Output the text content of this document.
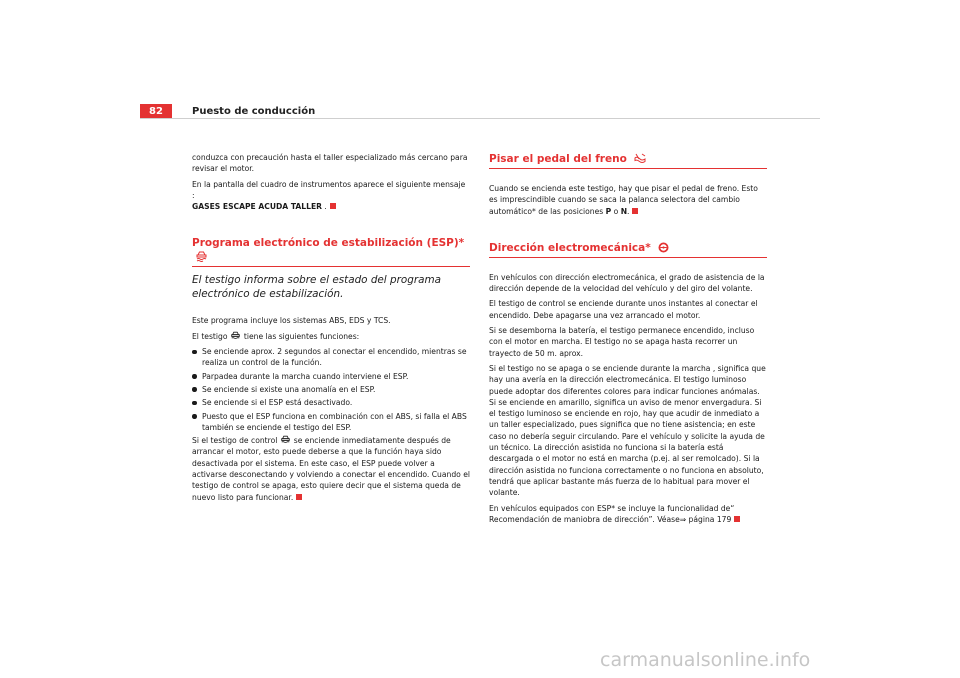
82	Puesto de conducción

conduzca con precaución hasta el taller especializado más cercano para revisar el motor.

En la pantalla del cuadro de instrumentos aparece el siguiente mensaje :
GASES ESCAPE ACUDA TALLER .

Programa electrónico de estabilización (ESP)*
El testigo informa sobre el estado del programa electrónico de estabilización.

Este programa incluye los sistemas ABS, EDS y TCS.

El testigo tiene las siguientes funciones:

Se enciende aprox. 2 segundos al conectar el encendido, mientras se realiza un control de la función.
Parpadea durante la marcha cuando interviene el ESP.
Se enciende si existe una anomalía en el ESP.
Se enciende si el ESP está desactivado.
Puesto que el ESP funciona en combinación con el ABS, si falla el ABS también se enciende el testigo del ESP.

Si el testigo de control se enciende inmediatamente después de arrancar el motor, esto puede deberse a que la función haya sido desactivada por el sistema. En este caso, el ESP puede volver a activarse desconectando y volviendo a conectar el encendido. Cuando el testigo de control se apaga, esto quiere decir que el sistema queda de nuevo listo para funcionar.

Pisar el pedal del freno

Cuando se encienda este testigo, hay que pisar el pedal de freno. Esto es imprescindible cuando se saca la palanca selectora del cambio automático* de las posiciones P o N.

Dirección electromecánica*

En vehículos con dirección electromecánica, el grado de asistencia de la dirección depende de la velocidad del vehículo y del giro del volante.

El testigo de control se enciende durante unos instantes al conectar el encendido. Debe apagarse una vez arrancado el motor.

Si se desemborna la batería, el testigo permanece encendido, incluso con el motor en marcha. El testigo no se apaga hasta recorrer un trayecto de 50 m. aprox.

Si el testigo no se apaga o se enciende durante la marcha , significa que hay una avería en la dirección electromecánica. El testigo luminoso puede adoptar dos diferentes colores para indicar funciones anómalas. Si se enciende en amarillo, significa un aviso de menor envergadura. Si el testigo luminoso se enciende en rojo, hay que acudir de inmediato a un taller especializado, pues significa que no tiene asistencia; en este caso no debería seguir circulando. Pare el vehículo y solicite la ayuda de un técnico. La dirección asistida no funciona si la batería está descargada o el motor no está en marcha (p.ej. al ser remolcado). Si la dirección asistida no funciona correctamente o no funciona en absoluto, tendrá que aplicar bastante más fuerza de lo habitual para mover el volante.

En vehículos equipados con ESP* se incluye la funcionalidad de“ Recomendación de maniobra de dirección”. Véase⇒ página 179

carmanualsonline.info
